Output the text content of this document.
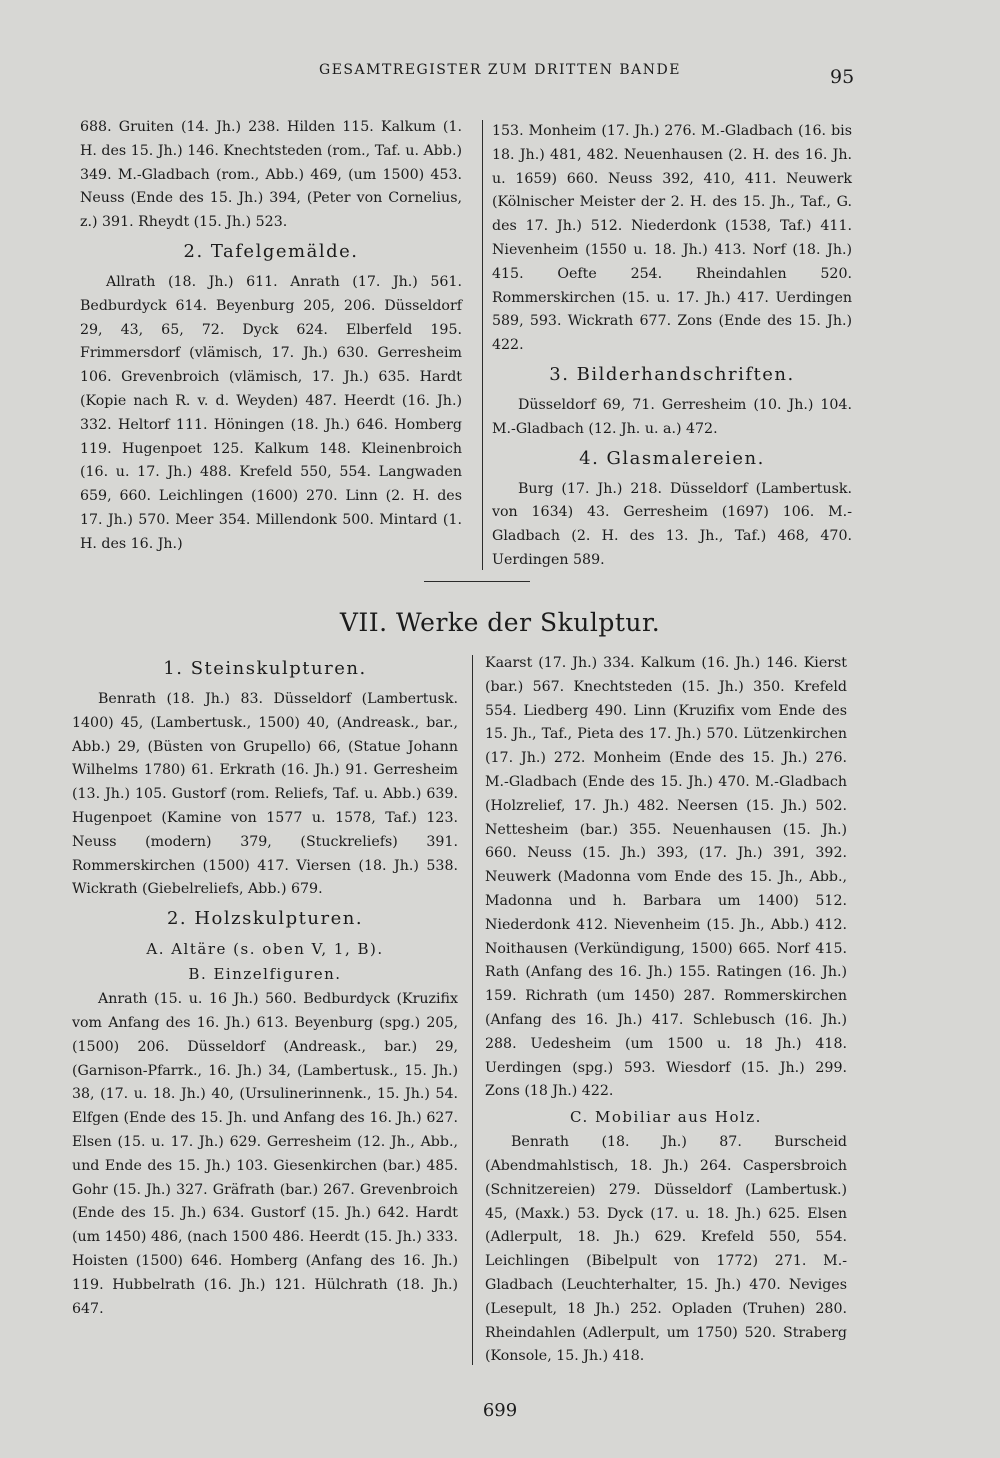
GESAMTREGISTER ZUM DRITTEN BANDE	95

688. Gruiten (14. Jh.) 238. Hilden 115. Kalkum (1. H. des 15. Jh.) 146. Knechtsteden (rom., Taf. u. Abb.) 349. M.-Gladbach (rom., Abb.) 469, (um 1500) 453. Neuss (Ende des 15. Jh.) 394, (Peter von Cornelius, z.) 391. Rheydt (15. Jh.) 523.

2. Tafelgemälde.

Allrath (18. Jh.) 611. Anrath (17. Jh.) 561. Bedburdyck 614. Beyenburg 205, 206. Düsseldorf 29, 43, 65, 72. Dyck 624. Elberfeld 195. Frimmersdorf (vlämisch, 17. Jh.) 630. Gerresheim 106. Grevenbroich (vlämisch, 17. Jh.) 635. Hardt (Kopie nach R. v. d. Weyden) 487. Heerdt (16. Jh.) 332. Heltorf 111. Höningen (18. Jh.) 646. Homberg 119. Hugenpoet 125. Kalkum 148. Kleinenbroich (16. u. 17. Jh.) 488. Krefeld 550, 554. Langwaden 659, 660. Leichlingen (1600) 270. Linn (2. H. des 17. Jh.) 570. Meer 354. Millendonk 500. Mintard (1. H. des 16. Jh.)

153. Monheim (17. Jh.) 276. M.-Gladbach (16. bis 18. Jh.) 481, 482. Neuenhausen (2. H. des 16. Jh. u. 1659) 660. Neuss 392, 410, 411. Neuwerk (Kölnischer Meister der 2. H. des 15. Jh., Taf., G. des 17. Jh.) 512. Niederdonk (1538, Taf.) 411. Nievenheim (1550 u. 18. Jh.) 413. Norf (18. Jh.) 415. Oefte 254. Rheindahlen 520. Rommerskirchen (15. u. 17. Jh.) 417. Uerdingen 589, 593. Wickrath 677. Zons (Ende des 15. Jh.) 422.

3. Bilderhandschriften.

Düsseldorf 69, 71. Gerresheim (10. Jh.) 104. M.-Gladbach (12. Jh. u. a.) 472.

4. Glasmalereien.

Burg (17. Jh.) 218. Düsseldorf (Lambertusk. von 1634) 43. Gerresheim (1697) 106. M.-Gladbach (2. H. des 13. Jh., Taf.) 468, 470. Uerdingen 589.

VII. Werke der Skulptur.
1. Steinskulpturen.

Benrath (18. Jh.) 83. Düsseldorf (Lambertusk. 1400) 45, (Lambertusk., 1500) 40, (Andreask., bar., Abb.) 29, (Büsten von Grupello) 66, (Statue Johann Wilhelms 1780) 61. Erkrath (16. Jh.) 91. Gerresheim (13. Jh.) 105. Gustorf (rom. Reliefs, Taf. u. Abb.) 639. Hugenpoet (Kamine von 1577 u. 1578, Taf.) 123. Neuss (modern) 379, (Stuckreliefs) 391. Rommerskirchen (1500) 417. Viersen (18. Jh.) 538. Wickrath (Giebelreliefs, Abb.) 679.

2. Holzskulpturen.
A. Altäre (s. oben V, 1, B).
B. Einzelfiguren.

Anrath (15. u. 16 Jh.) 560. Bedburdyck (Kruzifix vom Anfang des 16. Jh.) 613. Beyenburg (spg.) 205, (1500) 206. Düsseldorf (Andreask., bar.) 29, (Garnison-Pfarrk., 16. Jh.) 34, (Lambertusk., 15. Jh.) 38, (17. u. 18. Jh.) 40, (Ursulinerinnenk., 15. Jh.) 54. Elfgen (Ende des 15. Jh. und Anfang des 16. Jh.) 627. Elsen (15. u. 17. Jh.) 629. Gerresheim (12. Jh., Abb., und Ende des 15. Jh.) 103. Giesenkirchen (bar.) 485. Gohr (15. Jh.) 327. Gräfrath (bar.) 267. Grevenbroich (Ende des 15. Jh.) 634. Gustorf (15. Jh.) 642. Hardt (um 1450) 486, (nach 1500 486. Heerdt (15. Jh.) 333. Hoisten (1500) 646. Homberg (Anfang des 16. Jh.) 119. Hubbelrath (16. Jh.) 121. Hülchrath (18. Jh.) 647.

Kaarst (17. Jh.) 334. Kalkum (16. Jh.) 146. Kierst (bar.) 567. Knechtsteden (15. Jh.) 350. Krefeld 554. Liedberg 490. Linn (Kruzifix vom Ende des 15. Jh., Taf., Pieta des 17. Jh.) 570. Lützenkirchen (17. Jh.) 272. Monheim (Ende des 15. Jh.) 276. M.-Gladbach (Ende des 15. Jh.) 470. M.-Gladbach (Holzrelief, 17. Jh.) 482. Neersen (15. Jh.) 502. Nettesheim (bar.) 355. Neuenhausen (15. Jh.) 660. Neuss (15. Jh.) 393, (17. Jh.) 391, 392. Neuwerk (Madonna vom Ende des 15. Jh., Abb., Madonna und h. Barbara um 1400) 512. Niederdonk 412. Nievenheim (15. Jh., Abb.) 412. Noithausen (Verkündigung, 1500) 665. Norf 415. Rath (Anfang des 16. Jh.) 155. Ratingen (16. Jh.) 159. Richrath (um 1450) 287. Rommerskirchen (Anfang des 16. Jh.) 417. Schlebusch (16. Jh.) 288. Uedesheim (um 1500 u. 18 Jh.) 418. Uerdingen (spg.) 593. Wiesdorf (15. Jh.) 299. Zons (18 Jh.) 422.

C. Mobiliar aus Holz.

Benrath (18. Jh.) 87. Burscheid (Abendmahlstisch, 18. Jh.) 264. Caspersbroich (Schnitzereien) 279. Düsseldorf (Lambertusk.) 45, (Maxk.) 53. Dyck (17. u. 18. Jh.) 625. Elsen (Adlerpult, 18. Jh.) 629. Krefeld 550, 554. Leichlingen (Bibelpult von 1772) 271. M.-Gladbach (Leuchterhalter, 15. Jh.) 470. Neviges (Lesepult, 18 Jh.) 252. Opladen (Truhen) 280. Rheindahlen (Adlerpult, um 1750) 520. Straberg (Konsole, 15. Jh.) 418.

699
